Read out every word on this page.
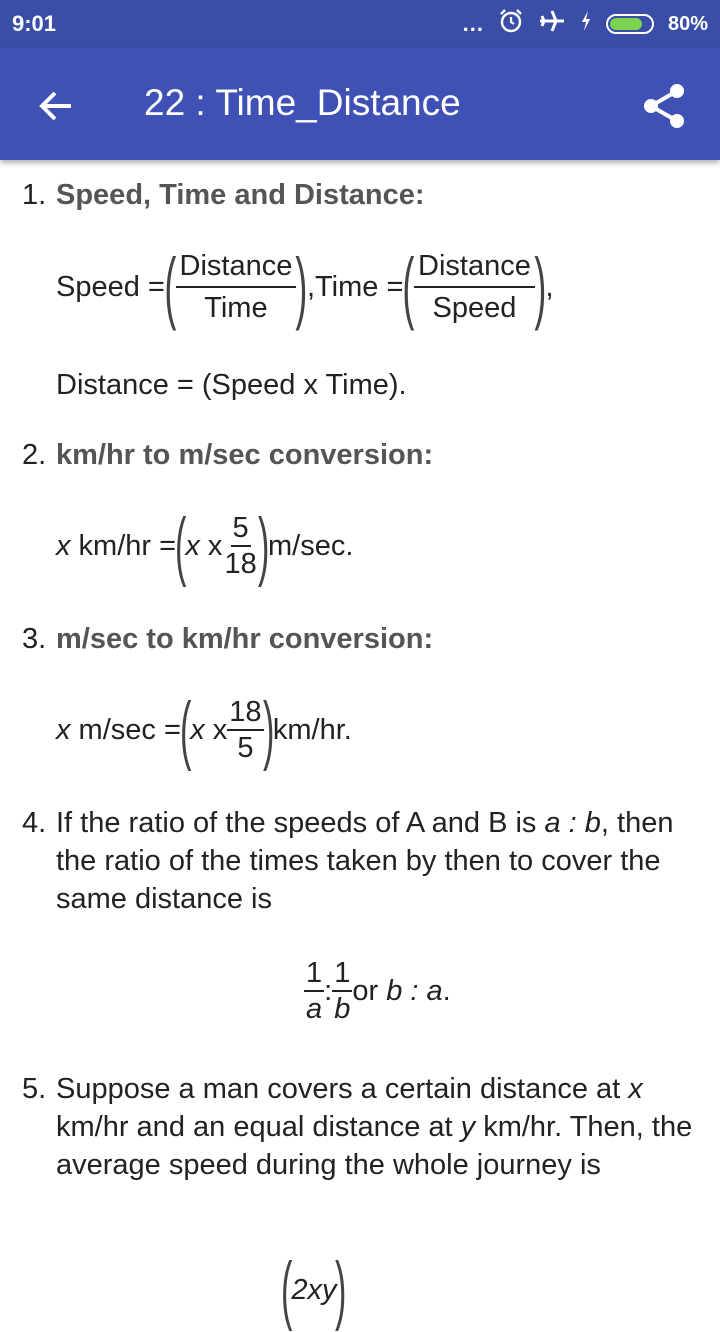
9:01	...	80%
22 : Time_Distance
1. Speed, Time and Distance:
Speed = ( $\frac{\text{Distance}}{\text{Time}}$ ) ,Time = ( $\frac{\text{Distance}}{\text{Speed}}$ ) ,
Distance = (Speed x Time).
2. km/hr to m/sec conversion:
x km/hr =
(
x x $\frac{5}{18}$
)
m/sec.
3. m/sec to km/hr conversion:
x m/sec =
(
x x $\frac{18}{5}$
)
km/hr.
4. If the ratio of the speeds of A and B is a : b, then the ratio of the times taken by then to cover the same distance is
$\frac{1}{a}$ : $\frac{1}{b}$ or b : a .
5. Suppose a man covers a certain distance at x km/hr and an equal distance at y km/hr. Then, the average speed during the whole journey is
(
2xy
)
